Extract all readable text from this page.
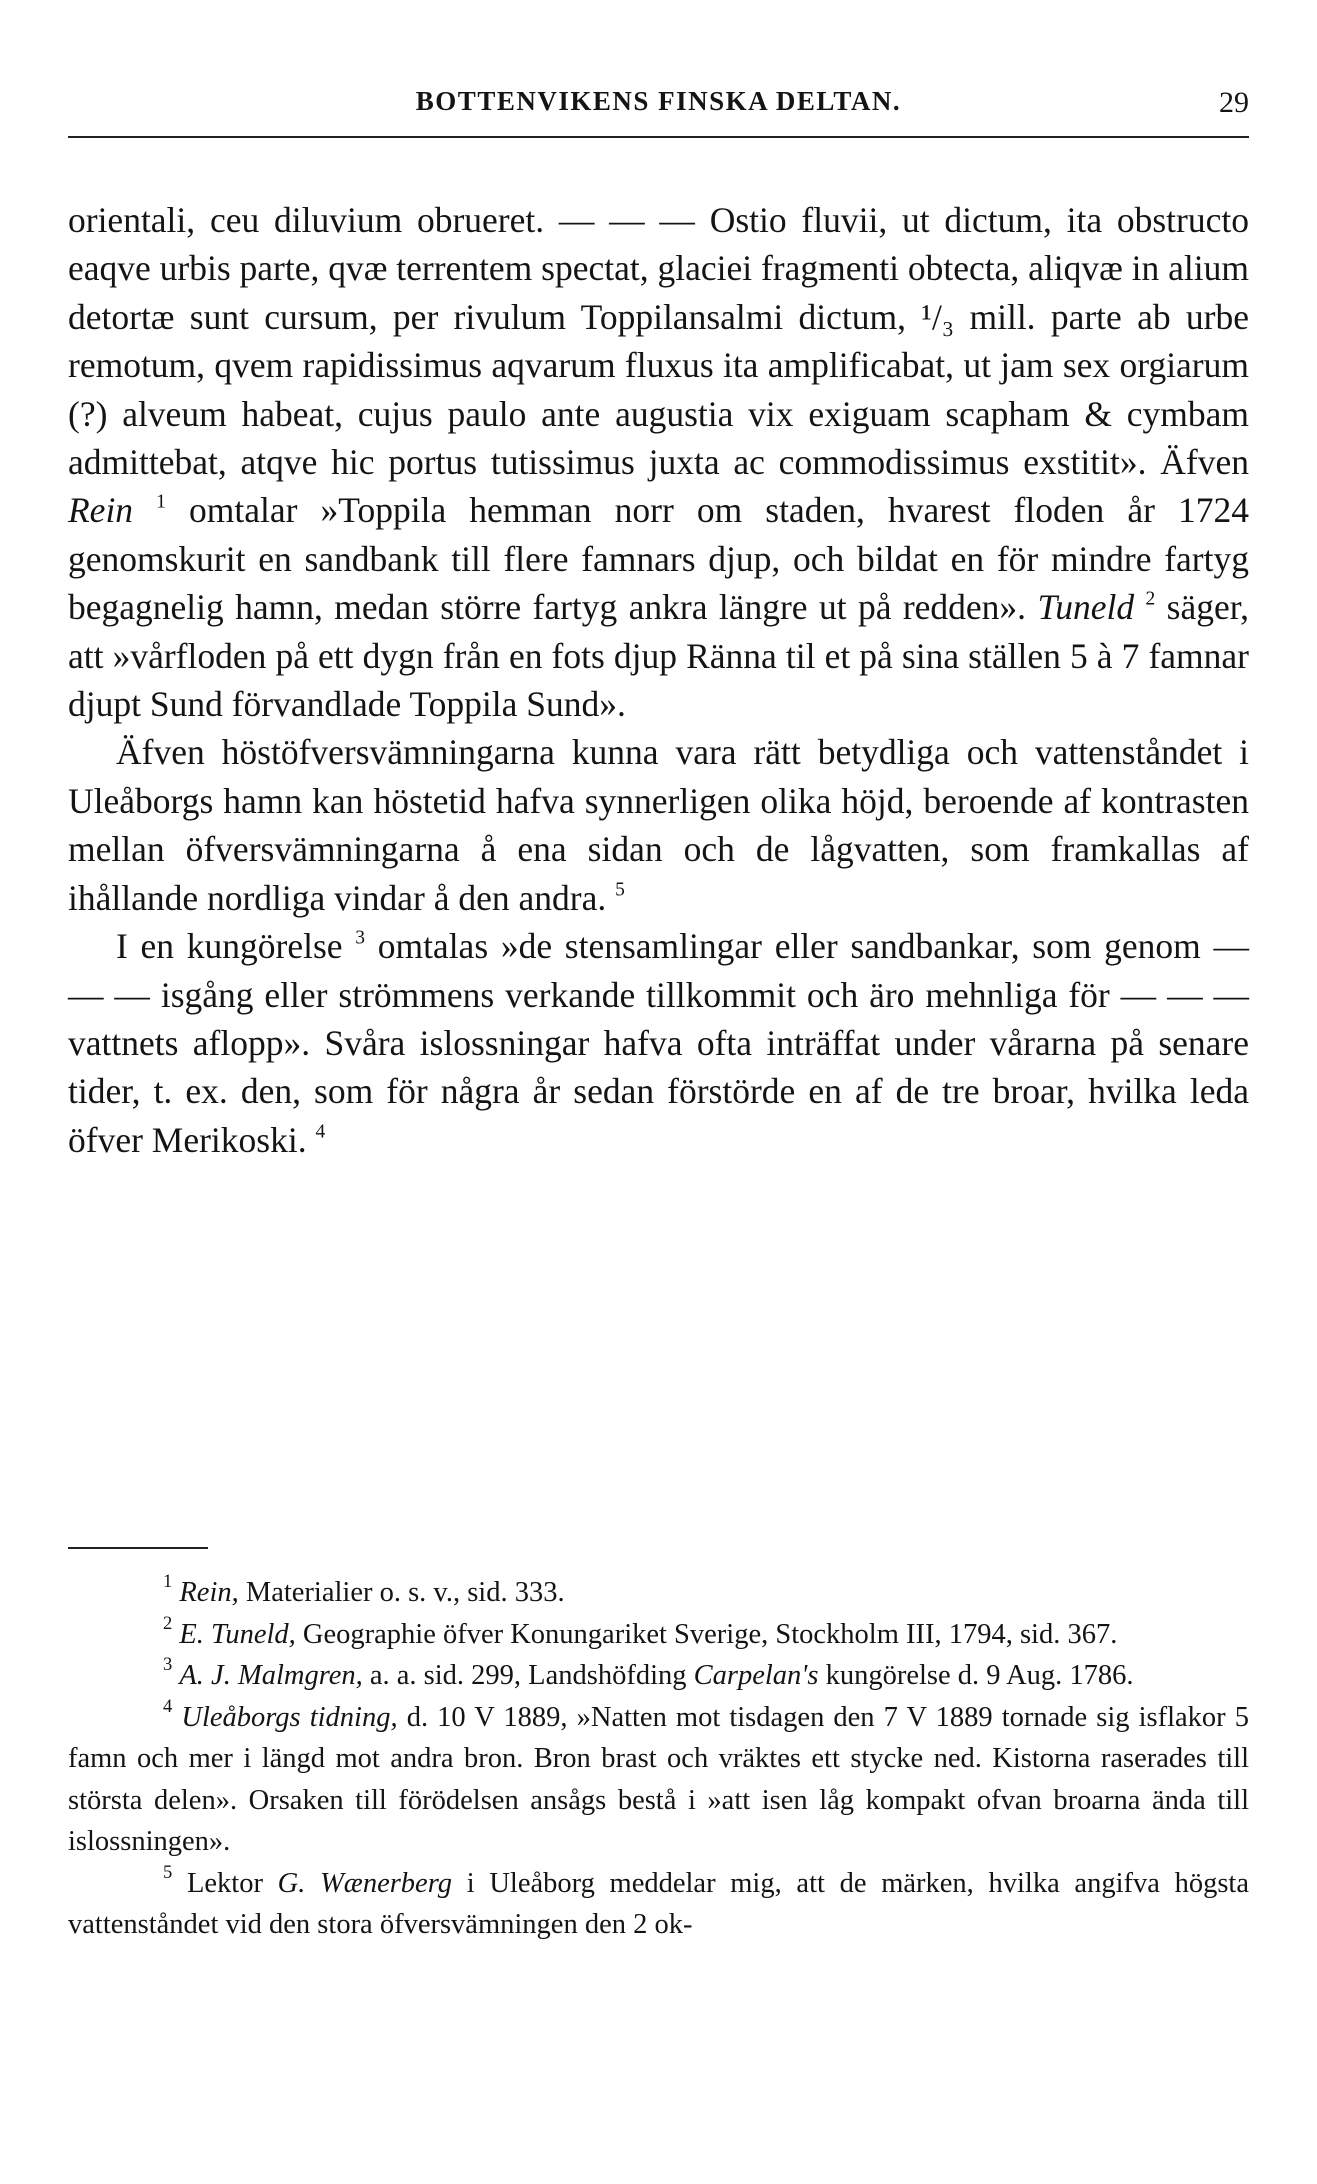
BOTTENVIKENS FINSKA DELTAN.	29

orientali, ceu diluvium obrueret. — — — Ostio fluvii, ut dictum, ita obstructo eaqve urbis parte, qvæ terrentem spectat, glaciei fragmenti obtecta, aliqvæ in alium detortæ sunt cursum, per rivulum Toppilansalmi dictum, ¹/₃ mill. parte ab urbe remotum, qvem rapidissimus aqvarum fluxus ita amplificabat, ut jam sex orgiarum (?) alveum habeat, cujus paulo ante augustia vix exiguam scapham & cymbam admittebat, atqve hic portus tutissimus juxta ac commodissimus exstitit». Äfven Rein $^1$ omtalar »Toppila hemman norr om staden, hvarest floden år 1724 genomskurit en sandbank till flere famnars djup, och bildat en för mindre fartyg begagnelig hamn, medan större fartyg ankra längre ut på redden». Tuneld $^2$ säger, att »vårfloden på ett dygn från en fots djup Ränna til et på sina ställen 5 à 7 famnar djupt Sund förvandlade Toppila Sund».

Äfven höstöfversvämningarna kunna vara rätt betydliga och vattenståndet i Uleåborgs hamn kan höstetid hafva synnerligen olika höjd, beroende af kontrasten mellan öfversvämningarna å ena sidan och de lågvatten, som framkallas af ihållande nordliga vindar å den andra. $^5$

I en kungörelse $^3$ omtalas »de stensamlingar eller sandbankar, som genom — — — isgång eller strömmens verkande tillkommit och äro mehnliga för — — — vattnets aflopp». Svåra islossningar hafva ofta inträffat under vårarna på senare tider, t. ex. den, som för några år sedan förstörde en af de tre broar, hvilka leda öfver Merikoski. $^4$

$^1$ Rein, Materialier o. s. v., sid. 333.

$^2$ E. Tuneld, Geographie öfver Konungariket Sverige, Stockholm III, 1794, sid. 367.

$^3$ A. J. Malmgren, a. a. sid. 299, Landshöfding Carpelan's kungörelse d. 9 Aug. 1786.

$^4$ Uleåborgs tidning, d. 10 V 1889, »Natten mot tisdagen den 7 V 1889 tornade sig isflakor 5 famn och mer i längd mot andra bron. Bron brast och vräktes ett stycke ned. Kistorna raserades till största delen». Orsaken till förödelsen ansågs bestå i »att isen låg kompakt ofvan broarna ända till islossningen».

$^5$ Lektor G. Wænerberg i Uleåborg meddelar mig, att de märken, hvilka angifva högsta vattenståndet vid den stora öfversvämningen den 2 ok-
